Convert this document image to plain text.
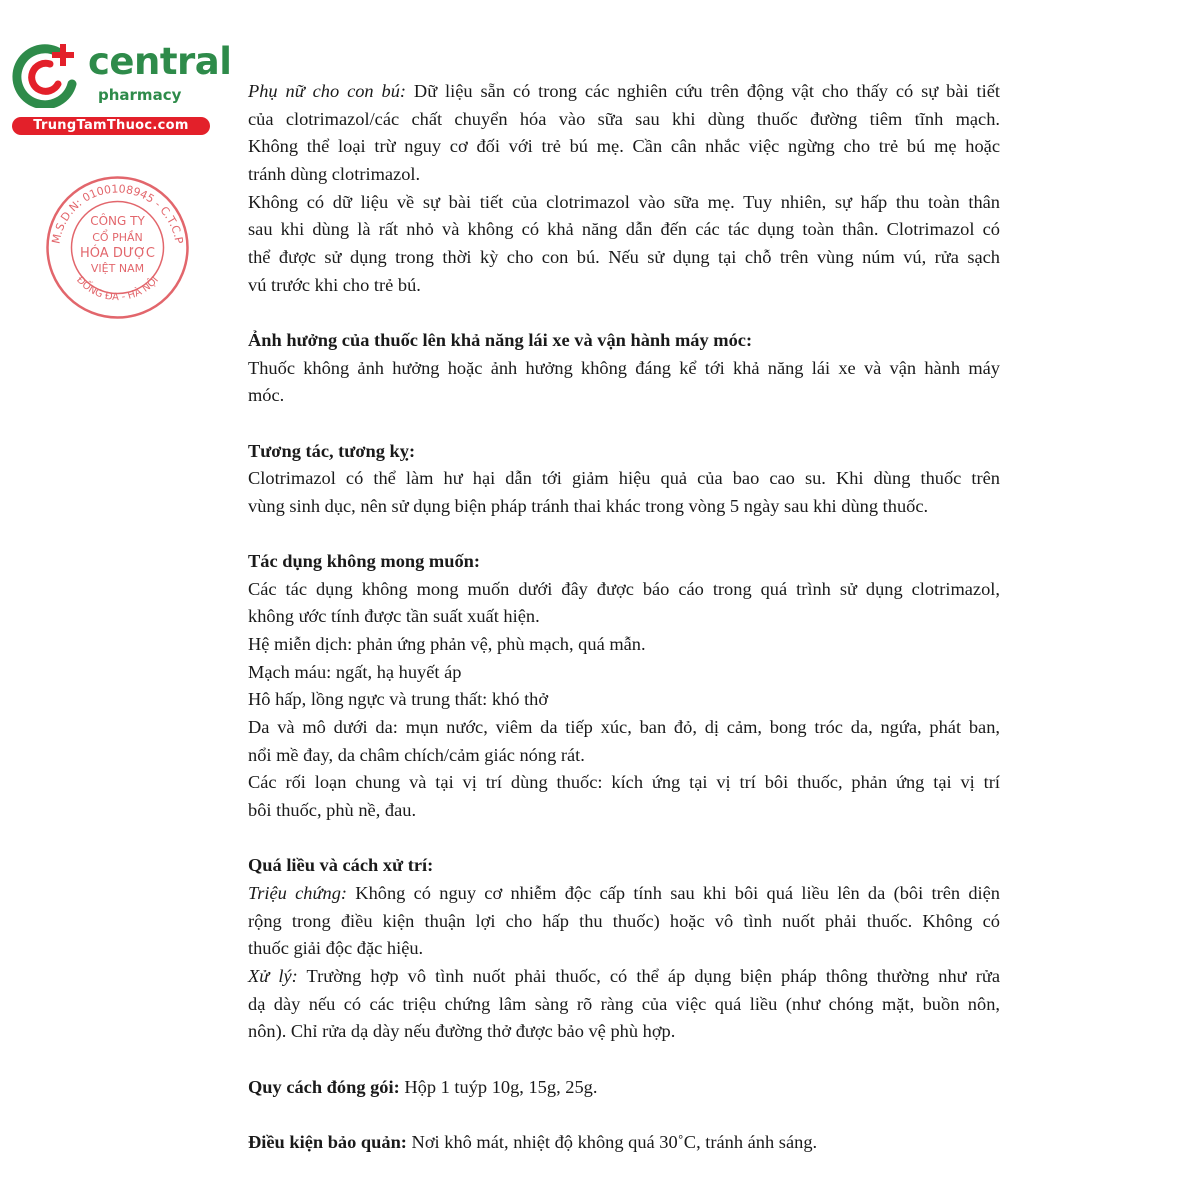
central
pharmacy
TrungTamThuoc.com
Phụ nữ cho con bú: Dữ liệu sẵn có trong các nghiên cứu trên động vật cho thấy có sự bài tiết
của clotrimazol/các chất chuyển hóa vào sữa sau khi dùng thuốc đường tiêm tĩnh mạch.
Không thể loại trừ nguy cơ đối với trẻ bú mẹ. Cần cân nhắc việc ngừng cho trẻ bú mẹ hoặc
tránh dùng clotrimazol.
Không có dữ liệu về sự bài tiết của clotrimazol vào sữa mẹ. Tuy nhiên, sự hấp thu toàn thân
sau khi dùng là rất nhỏ và không có khả năng dẫn đến các tác dụng toàn thân. Clotrimazol có
thể được sử dụng trong thời kỳ cho con bú. Nếu sử dụng tại chỗ trên vùng núm vú, rửa sạch
vú trước khi cho trẻ bú.
Ảnh hưởng của thuốc lên khả năng lái xe và vận hành máy móc:
Thuốc không ảnh hưởng hoặc ảnh hưởng không đáng kể tới khả năng lái xe và vận hành máy
móc.
Tương tác, tương kỵ:
Clotrimazol có thể làm hư hại dẫn tới giảm hiệu quả của bao cao su. Khi dùng thuốc trên
vùng sinh dục, nên sử dụng biện pháp tránh thai khác trong vòng 5 ngày sau khi dùng thuốc.
Tác dụng không mong muốn:
Các tác dụng không mong muốn dưới đây được báo cáo trong quá trình sử dụng clotrimazol,
không ước tính được tần suất xuất hiện.
Hệ miễn dịch: phản ứng phản vệ, phù mạch, quá mẫn.
Mạch máu: ngất, hạ huyết áp
Hô hấp, lồng ngực và trung thất: khó thở
Da và mô dưới da: mụn nước, viêm da tiếp xúc, ban đỏ, dị cảm, bong tróc da, ngứa, phát ban,
nổi mề đay, da châm chích/cảm giác nóng rát.
Các rối loạn chung và tại vị trí dùng thuốc: kích ứng tại vị trí bôi thuốc, phản ứng tại vị trí
bôi thuốc, phù nề, đau.
Quá liều và cách xử trí:
Triệu chứng: Không có nguy cơ nhiễm độc cấp tính sau khi bôi quá liều lên da (bôi trên diện
rộng trong điều kiện thuận lợi cho hấp thu thuốc) hoặc vô tình nuốt phải thuốc. Không có
thuốc giải độc đặc hiệu.
Xử lý: Trường hợp vô tình nuốt phải thuốc, có thể áp dụng biện pháp thông thường như rửa
dạ dày nếu có các triệu chứng lâm sàng rõ ràng của việc quá liều (như chóng mặt, buồn nôn,
nôn). Chỉ rửa dạ dày nếu đường thở được bảo vệ phù hợp.
Quy cách đóng gói: Hộp 1 tuýp 10g, 15g, 25g.
Điều kiện bảo quản: Nơi khô mát, nhiệt độ không quá 30˚C, tránh ánh sáng.
M.S.D.N: 0100108945 - C.T.C.P
ĐỐNG ĐA - HÀ NỘI
CÔNG TY
CỔ PHẦN
HÓA DƯỢC
VIỆT NAM
